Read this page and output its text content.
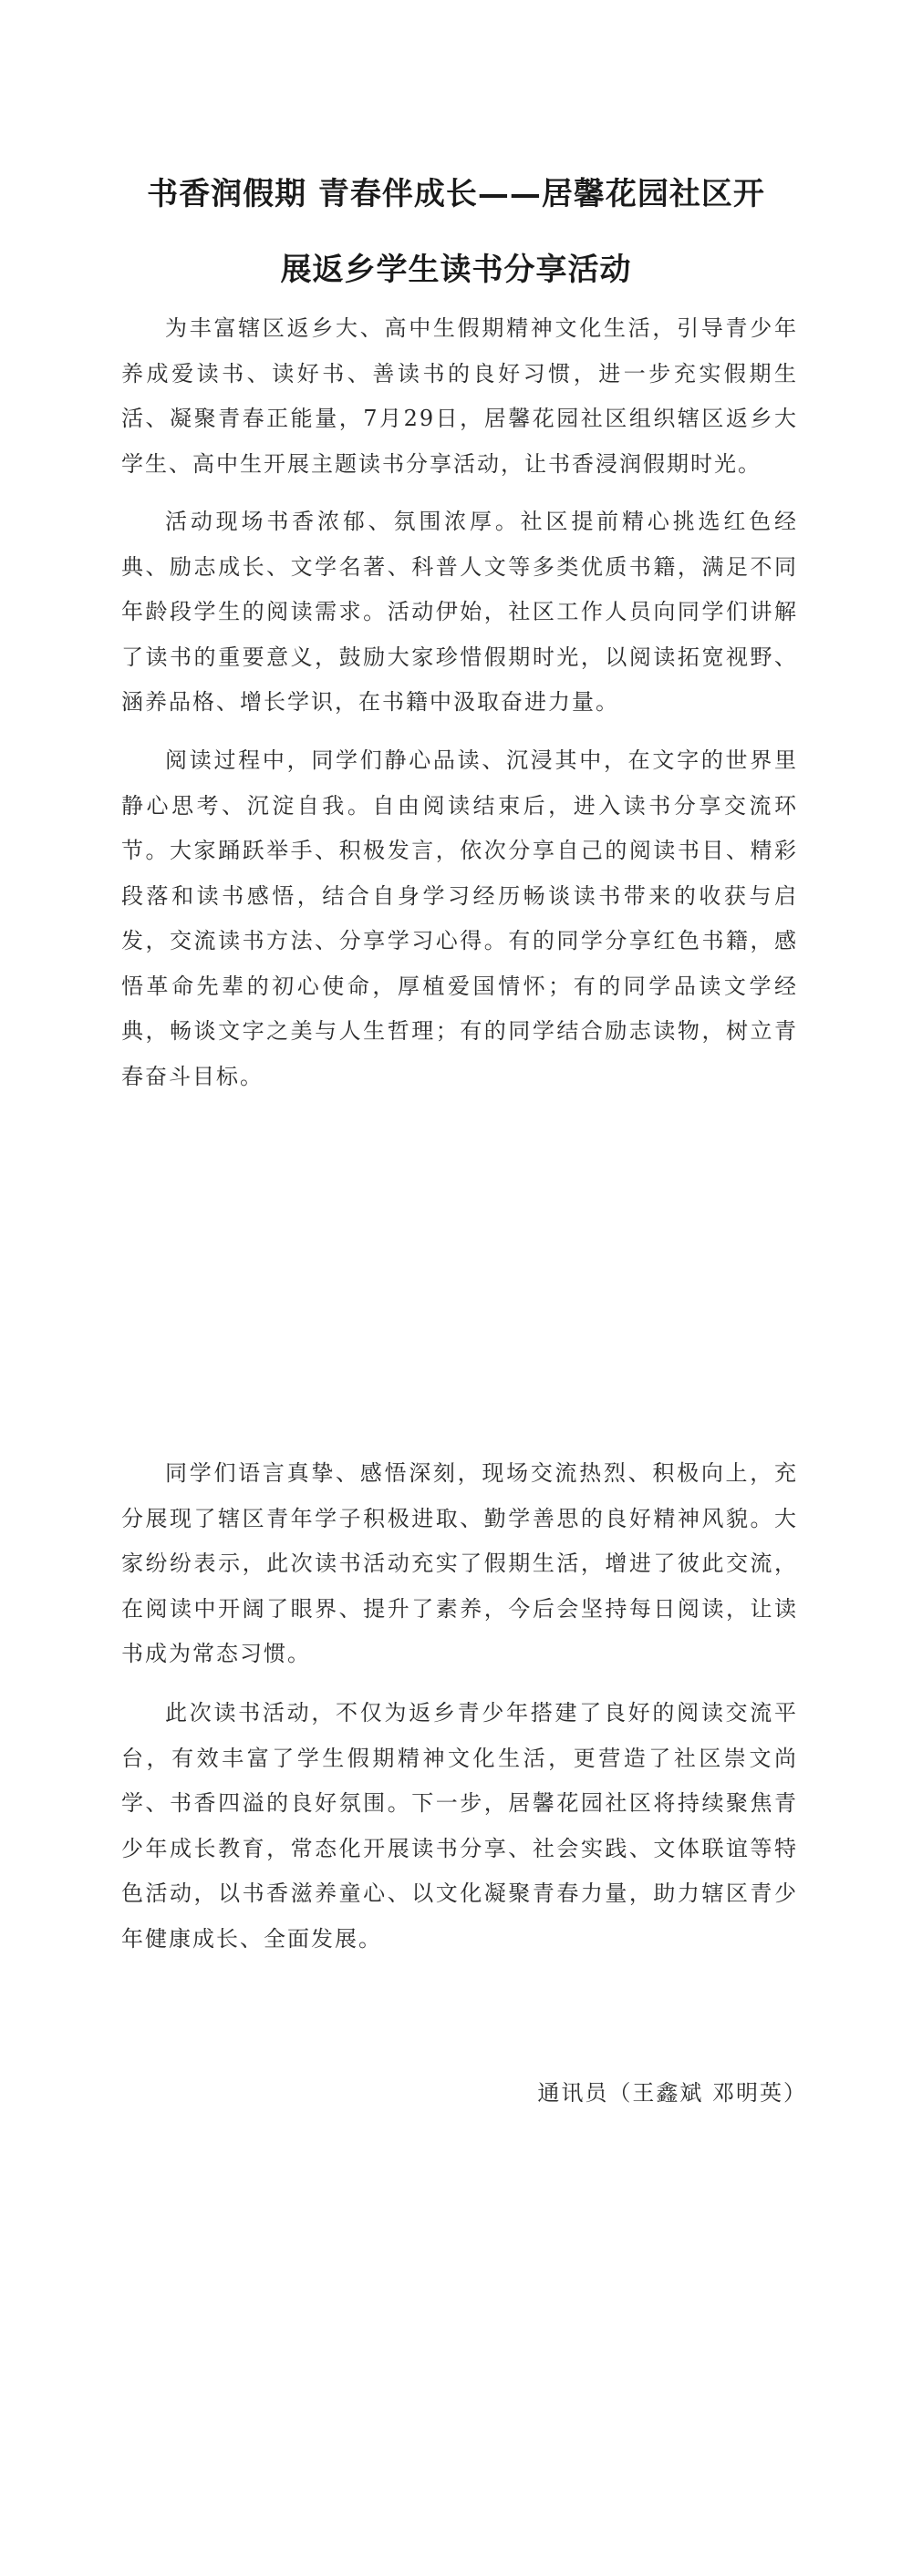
书香润假期 青春伴成长——居馨花园社区开
展返乡学生读书分享活动

为丰富辖区返乡大、高中生假期精神文化生活，引导青少年养成爱读书、读好书、善读书的良好习惯，进一步充实假期生活、凝聚青春正能量，7月29日，居馨花园社区组织辖区返乡大学生、高中生开展主题读书分享活动，让书香浸润假期时光。

活动现场书香浓郁、氛围浓厚。社区提前精心挑选红色经典、励志成长、文学名著、科普人文等多类优质书籍，满足不同年龄段学生的阅读需求。活动伊始，社区工作人员向同学们讲解了读书的重要意义，鼓励大家珍惜假期时光，以阅读拓宽视野、涵养品格、增长学识，在书籍中汲取奋进力量。

阅读过程中，同学们静心品读、沉浸其中，在文字的世界里静心思考、沉淀自我。自由阅读结束后，进入读书分享交流环节。大家踊跃举手、积极发言，依次分享自己的阅读书目、精彩段落和读书感悟，结合自身学习经历畅谈读书带来的收获与启发，交流读书方法、分享学习心得。有的同学分享红色书籍，感悟革命先辈的初心使命，厚植爱国情怀；有的同学品读文学经典，畅谈文字之美与人生哲理；有的同学结合励志读物，树立青春奋斗目标。

同学们语言真挚、感悟深刻，现场交流热烈、积极向上，充分展现了辖区青年学子积极进取、勤学善思的良好精神风貌。大家纷纷表示，此次读书活动充实了假期生活，增进了彼此交流，在阅读中开阔了眼界、提升了素养，今后会坚持每日阅读，让读书成为常态习惯。

此次读书活动，不仅为返乡青少年搭建了良好的阅读交流平台，有效丰富了学生假期精神文化生活，更营造了社区崇文尚学、书香四溢的良好氛围。下一步，居馨花园社区将持续聚焦青少年成长教育，常态化开展读书分享、社会实践、文体联谊等特色活动，以书香滋养童心、以文化凝聚青春力量，助力辖区青少年健康成长、全面发展。

通讯员（王鑫斌 邓明英）
